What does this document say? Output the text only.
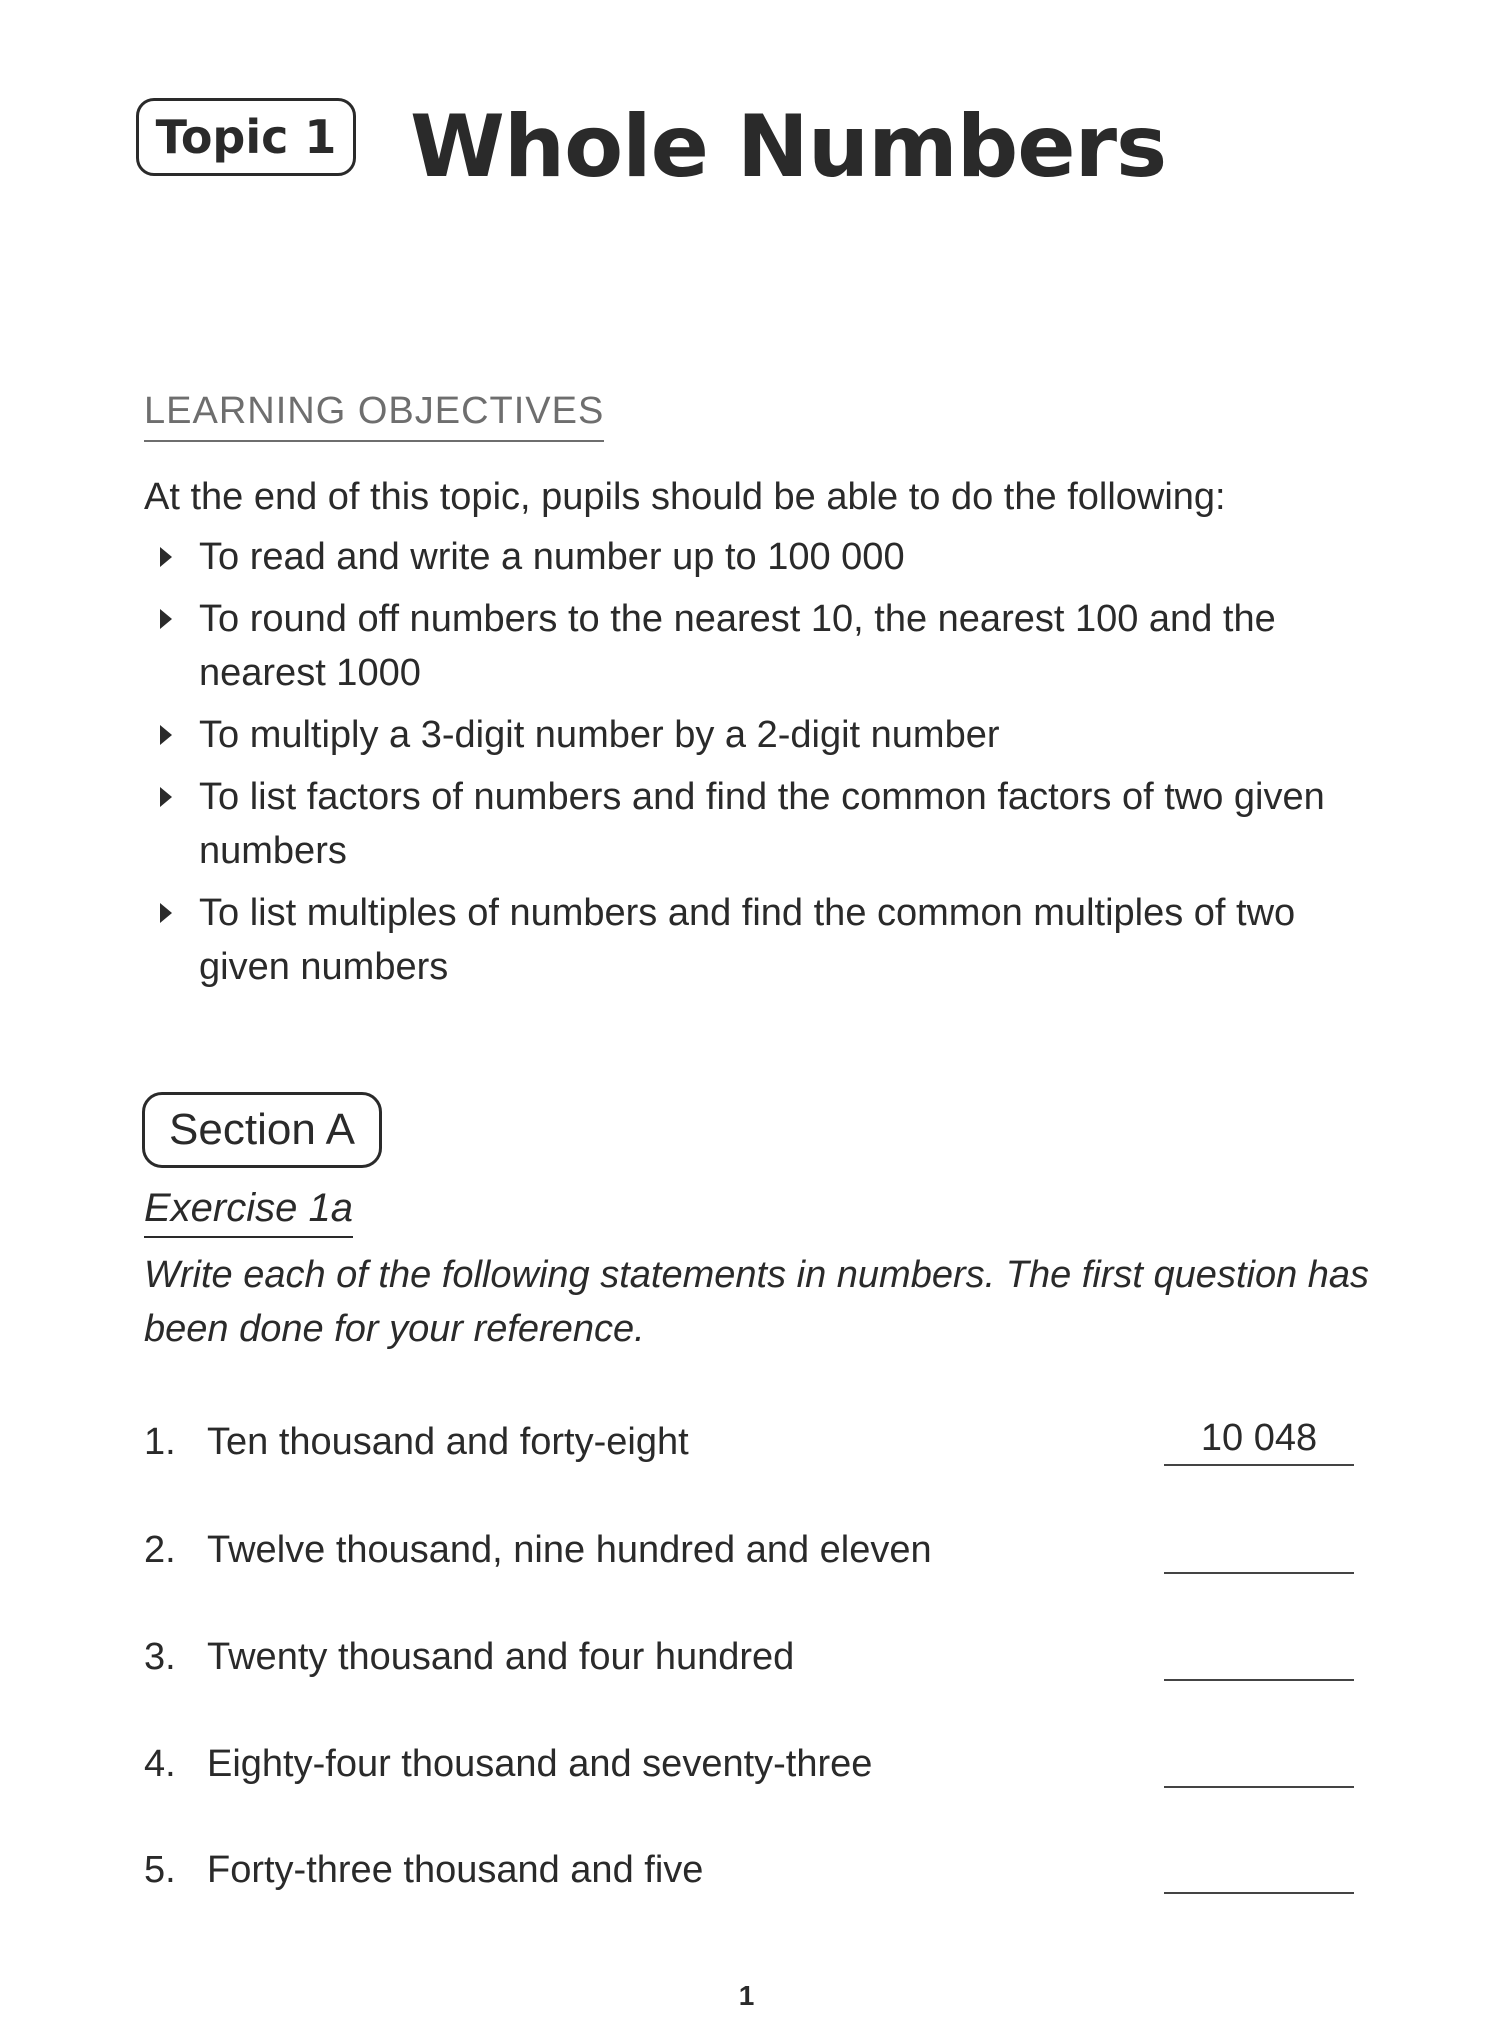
Topic 1 Whole Numbers
LEARNING OBJECTIVES
At the end of this topic, pupils should be able to do the following:
To read and write a number up to 100 000
To round off numbers to the nearest 10, the nearest 100 and the nearest 1000
To multiply a 3-digit number by a 2-digit number
To list factors of numbers and find the common factors of two given numbers
To list multiples of numbers and find the common multiples of two given numbers
Section A
Exercise 1a
Write each of the following statements in numbers. The first question has been done for your reference.
1. Ten thousand and forty-eight	10 048
2. Twelve thousand, nine hundred and eleven
3. Twenty thousand and four hundred
4. Eighty-four thousand and seventy-three
5. Forty-three thousand and five
1
